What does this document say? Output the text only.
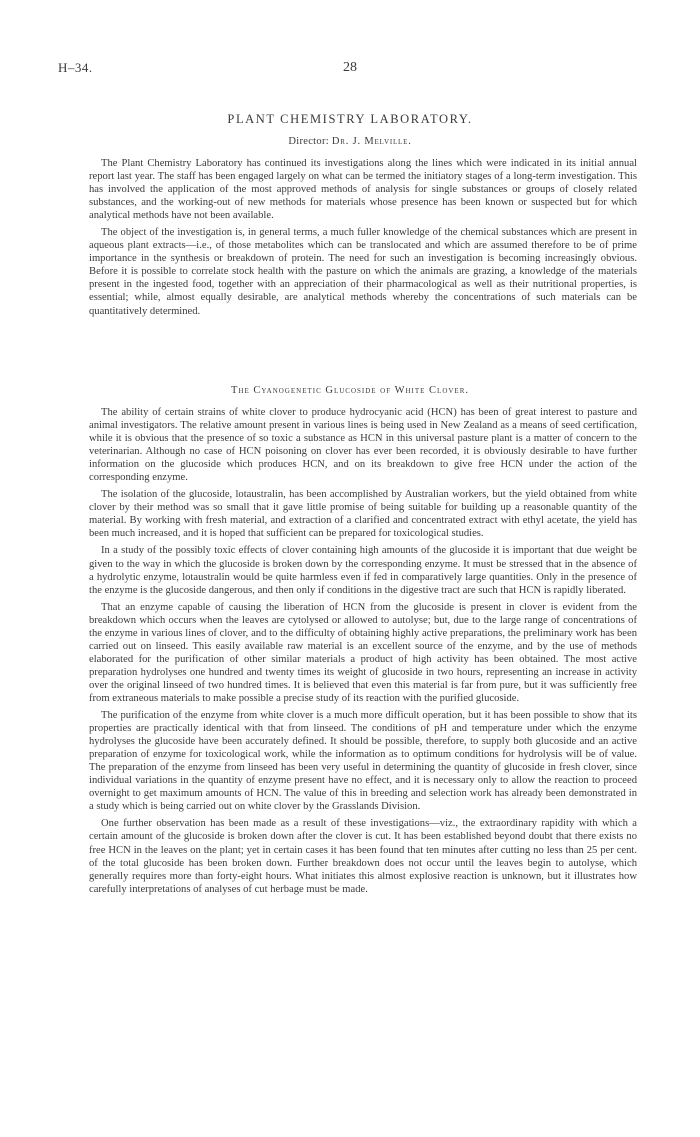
H–34.	28
PLANT CHEMISTRY LABORATORY.
Director: Dr. J. Melville.

The Plant Chemistry Laboratory has continued its investigations along the lines which were indicated in its initial annual report last year. The staff has been engaged largely on what can be termed the initiatory stages of a long-term investigation. This has involved the application of the most approved methods of analysis for single substances or groups of closely related substances, and the working-out of new methods for materials whose presence has been known or suspected but for which analytical methods have not been available.

The object of the investigation is, in general terms, a much fuller knowledge of the chemical substances which are present in aqueous plant extracts—i.e., of those metabolites which can be translocated and which are assumed therefore to be of prime importance in the synthesis or breakdown of protein. The need for such an investigation is becoming increasingly obvious. Before it is possible to correlate stock health with the pasture on which the animals are grazing, a knowledge of the materials present in the ingested food, together with an appreciation of their pharmacological as well as their nutritional properties, is essential; while, almost equally desirable, are analytical methods whereby the concentrations of such materials can be quantitatively determined.

The Cyanogenetic Glucoside of White Clover.

The ability of certain strains of white clover to produce hydrocyanic acid (HCN) has been of great interest to pasture and animal investigators. The relative amount present in various lines is being used in New Zealand as a means of seed certification, while it is obvious that the presence of so toxic a substance as HCN in this universal pasture plant is a matter of concern to the veterinarian. Although no case of HCN poisoning on clover has ever been recorded, it is obviously desirable to have further information on the glucoside which produces HCN, and on its breakdown to give free HCN under the action of the corresponding enzyme.

The isolation of the glucoside, lotaustralin, has been accomplished by Australian workers, but the yield obtained from white clover by their method was so small that it gave little promise of being suitable for building up a reasonable quantity of the material. By working with fresh material, and extraction of a clarified and concentrated extract with ethyl acetate, the yield has been much increased, and it is hoped that sufficient can be prepared for toxicological studies.

In a study of the possibly toxic effects of clover containing high amounts of the glucoside it is important that due weight be given to the way in which the glucoside is broken down by the corresponding enzyme. It must be stressed that in the absence of a hydrolytic enzyme, lotaustralin would be quite harmless even if fed in comparatively large quantities. Only in the presence of the enzyme is the glucoside dangerous, and then only if conditions in the digestive tract are such that HCN is rapidly liberated.

That an enzyme capable of causing the liberation of HCN from the glucoside is present in clover is evident from the breakdown which occurs when the leaves are cytolysed or allowed to autolyse; but, due to the large range of concentrations of the enzyme in various lines of clover, and to the difficulty of obtaining highly active preparations, the preliminary work has been carried out on linseed. This easily available raw material is an excellent source of the enzyme, and by the use of methods elaborated for the purification of other similar materials a product of high activity has been obtained. The most active preparation hydrolyses one hundred and twenty times its weight of glucoside in two hours, representing an increase in activity over the original linseed of two hundred times. It is believed that even this material is far from pure, but it was sufficiently free from extraneous materials to make possible a precise study of its reaction with the purified glucoside.

The purification of the enzyme from white clover is a much more difficult operation, but it has been possible to show that its properties are practically identical with that from linseed. The conditions of pH and temperature under which the enzyme hydrolyses the glucoside have been accurately defined. It should be possible, therefore, to supply both glucoside and an active preparation of enzyme for toxicological work, while the information as to optimum conditions for hydrolysis will be of value. The preparation of the enzyme from linseed has been very useful in determining the quantity of glucoside in fresh clover, since individual variations in the quantity of enzyme present have no effect, and it is necessary only to allow the reaction to proceed overnight to get maximum amounts of HCN. The value of this in breeding and selection work has already been demonstrated in a study which is being carried out on white clover by the Grasslands Division.

One further observation has been made as a result of these investigations—viz., the extraordinary rapidity with which a certain amount of the glucoside is broken down after the clover is cut. It has been established beyond doubt that there exists no free HCN in the leaves on the plant; yet in certain cases it has been found that ten minutes after cutting no less than 25 per cent. of the total glucoside has been broken down. Further breakdown does not occur until the leaves begin to autolyse, which generally requires more than forty-eight hours. What initiates this almost explosive reaction is unknown, but it illustrates how carefully interpretations of analyses of cut herbage must be made.
